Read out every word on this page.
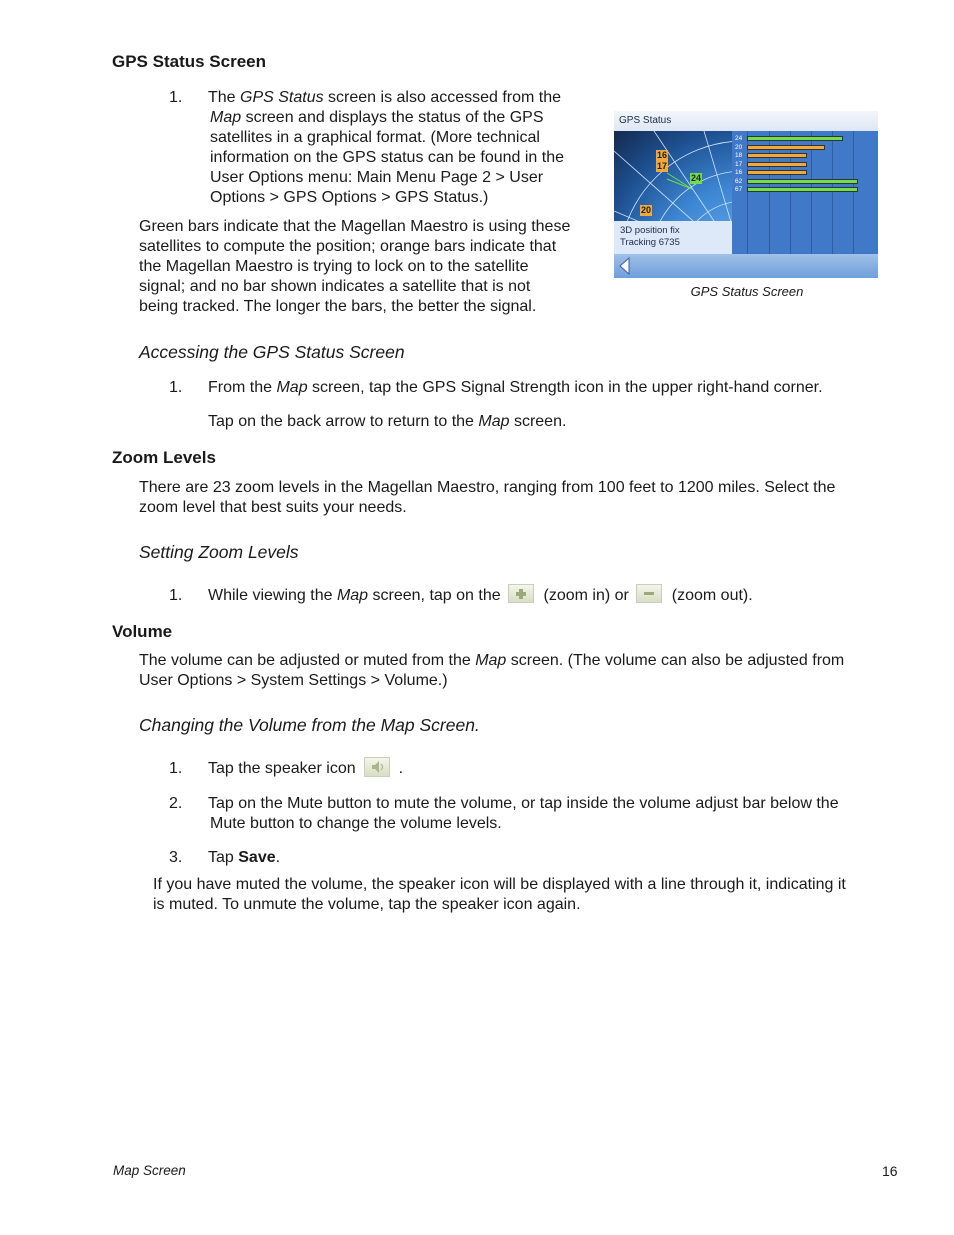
GPS Status Screen
1. The GPS Status screen is also accessed from the
Map screen and displays the status of the GPS
satellites in a graphical format. (More technical
information on the GPS status can be found in the
User Options menu: Main Menu Page 2 > User
Options > GPS Options > GPS Status.)
Green bars indicate that the Magellan Maestro is using these
satellites to compute the position; orange bars indicate that
the Magellan Maestro is trying to lock on to the satellite
signal; and no bar shown indicates a satellite that is not
being tracked. The longer the bars, the better the signal.
GPS Status
16
17
24
20
3D position fix
Tracking 6735
24
20
18
17
16
62
67
GPS Status Screen
Accessing the GPS Status Screen
1. From the Map screen, tap the GPS Signal Strength icon in the upper right-hand corner.
Tap on the back arrow to return to the Map screen.
Zoom Levels
There are 23 zoom levels in the Magellan Maestro, ranging from 100 feet to 1200 miles. Select the
zoom level that best suits your needs.
Setting Zoom Levels
1. While viewing the Map screen, tap on the	(zoom in) or	(zoom out).
Volume
The volume can be adjusted or muted from the Map screen. (The volume can also be adjusted from
User Options > System Settings > Volume.)
Changing the Volume from the Map Screen.
1. Tap the speaker icon	.
2. Tap on the Mute button to mute the volume, or tap inside the volume adjust bar below the
Mute button to change the volume levels.
3. Tap Save.
If you have muted the volume, the speaker icon will be displayed with a line through it, indicating it
is muted. To unmute the volume, tap the speaker icon again.
Map Screen	16
